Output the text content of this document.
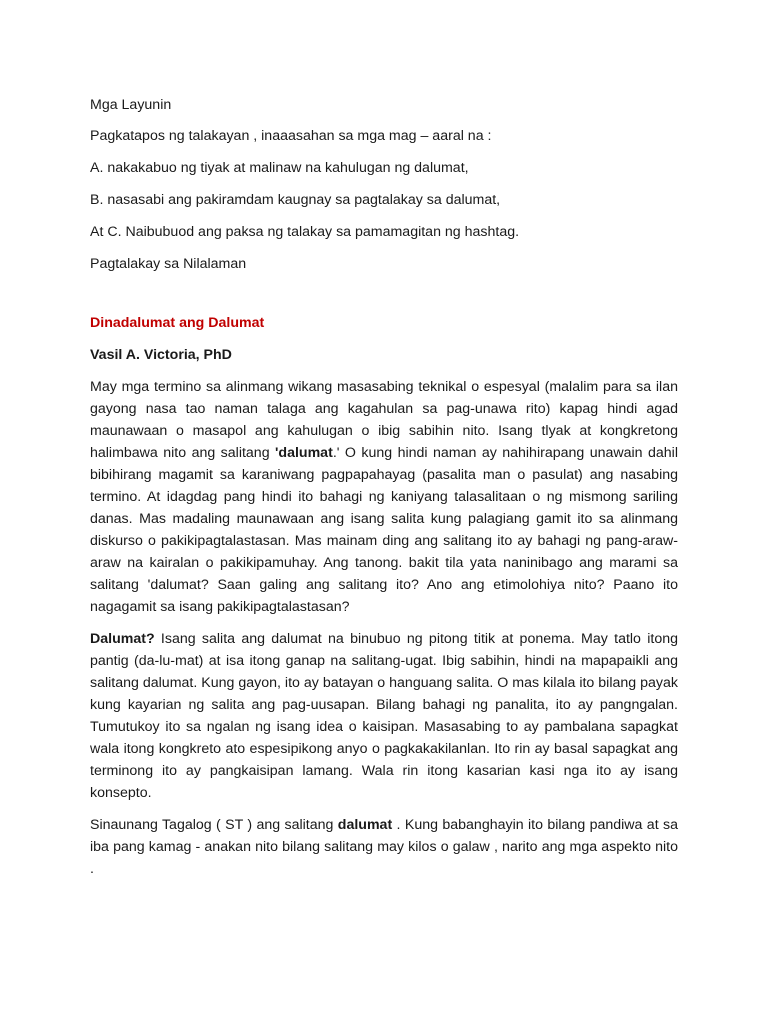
Mga Layunin

Pagkatapos ng talakayan , inaaasahan sa mga mag – aaral na :

A. nakakabuo ng tiyak at malinaw na kahulugan ng dalumat,

B. nasasabi ang pakiramdam kaugnay sa pagtalakay sa dalumat,

At C. Naibubuod ang paksa ng talakay sa pamamagitan ng hashtag.

Pagtalakay sa Nilalaman

Dinadalumat ang Dalumat

Vasil A. Victoria, PhD

May mga termino sa alinmang wikang masasabing teknikal o espesyal (malalim para sa ilan gayong nasa tao naman talaga ang kagahulan sa pag-unawa rito) kapag hindi agad maunawaan o masapol ang kahulugan o ibig sabihin nito. Isang tlyak at kongkretong halimbawa nito ang salitang 'dalumat.' O kung hindi naman ay nahihirapang unawain dahil bibihirang magamit sa karaniwang pagpapahayag (pasalita man o pasulat) ang nasabing termino. At idagdag pang hindi ito bahagi ng kaniyang talasalitaan o ng mismong sariling danas. Mas madaling maunawaan ang isang salita kung palagiang gamit ito sa alinmang diskurso o pakikipagtalastasan. Mas mainam ding ang salitang ito ay bahagi ng pang-araw-araw na kairalan o pakikipamuhay. Ang tanong. bakit tila yata naninibago ang marami sa salitang 'dalumat? Saan galing ang salitang ito? Ano ang etimolohiya nito? Paano ito nagagamit sa isang pakikipagtalastasan?

Dalumat? Isang salita ang dalumat na binubuo ng pitong titik at ponema. May tatlo itong pantig (da-lu-mat) at isa itong ganap na salitang-ugat. Ibig sabihin, hindi na mapapaikli ang salitang dalumat. Kung gayon, ito ay batayan o hanguang salita. O mas kilala ito bilang payak kung kayarian ng salita ang pag-uusapan. Bilang bahagi ng panalita, ito ay pangngalan. Tumutukoy ito sa ngalan ng isang idea o kaisipan. Masasabing to ay pambalana sapagkat wala itong kongkreto ato espesipikong anyo o pagkakakilanlan. Ito rin ay basal sapagkat ang terminong ito ay pangkaisipan lamang. Wala rin itong kasarian kasi nga ito ay isang konsepto.

Sinaunang Tagalog ( ST ) ang salitang dalumat . Kung babanghayin ito bilang pandiwa at sa iba pang kamag - anakan nito bilang salitang may kilos o galaw , narito ang mga aspekto nito .
